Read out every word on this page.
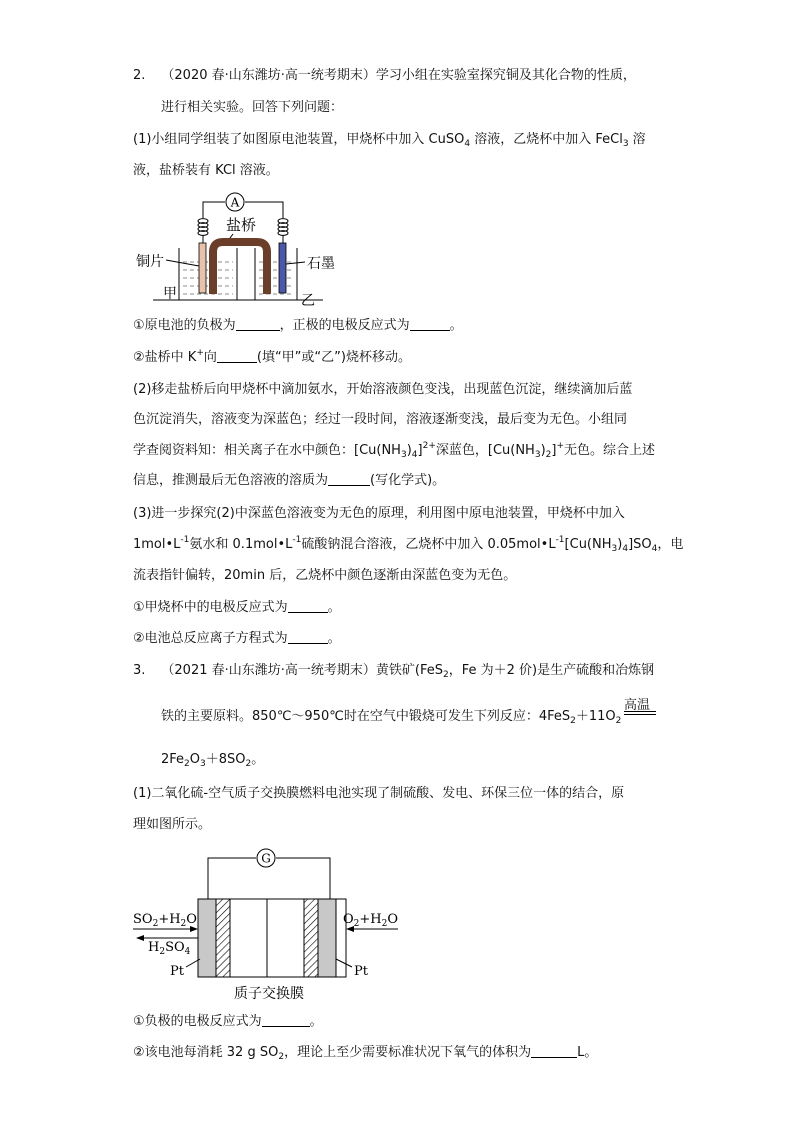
2. （2020 春·山东潍坊·高一统考期末）学习小组在实验室探究铜及其化合物的性质，
进行相关实验。回答下列问题：
(1)小组同学组装了如图原电池装置，甲烧杯中加入 CuSO$_4$ 溶液，乙烧杯中加入 FeCl$_3$ 溶
液，盐桥装有 KCl 溶液。
A
盐桥
铜片	石墨
甲	乙
①原电池的负极为	，正极的电极反应式为	。
②盐桥中 K+向	(填“甲”或“乙”)烧杯移动。
(2)移走盐桥后向甲烧杯中滴加氨水，开始溶液颜色变浅，出现蓝色沉淀，继续滴加后蓝
色沉淀消失，溶液变为深蓝色；经过一段时间，溶液逐渐变浅，最后变为无色。小组同
学查阅资料知：相关离子在水中颜色：$[Cu(NH_3)_4]^{2+}$深蓝色，$[Cu(NH_3)_2]^+$无色。综合上述
信息，推测最后无色溶液的溶质为	(写化学式)。
(3)进一步探究(2)中深蓝色溶液变为无色的原理，利用图中原电池装置，甲烧杯中加入
$1mol•L^{-1}$氨水和 $0.1mol•L^{-1}$硫酸钠混合溶液，乙烧杯中加入 $0.05mol•L^{-1}[Cu(NH_3)_4]SO_4$，电
流表指针偏转，20min 后，乙烧杯中颜色逐渐由深蓝色变为无色。
①甲烧杯中的电极反应式为	。
②电池总反应离子方程式为	。
3. （2021 春·山东潍坊·高一统考期末）黄铁矿(FeS$_2$，Fe 为＋2 价)是生产硫酸和冶炼钢
高温
铁的主要原料。850℃～950℃时在空气中锻烧可发生下列反应：$4FeS_2+11O_2$
$2Fe_2O_3+8SO_2$。
(1)二氧化硫-空气质子交换膜燃料电池实现了制硫酸、发电、环保三位一体的结合，原
理如图所示。
G
$SO_2+H_2O$
$H_2SO_4$
Pt
$O_2+H_2O$
Pt
质子交换膜
①负极的电极反应式为	。
②该电池每消耗 32 g $SO_2$，理论上至少需要标准状况下氧气的体积为	L。
